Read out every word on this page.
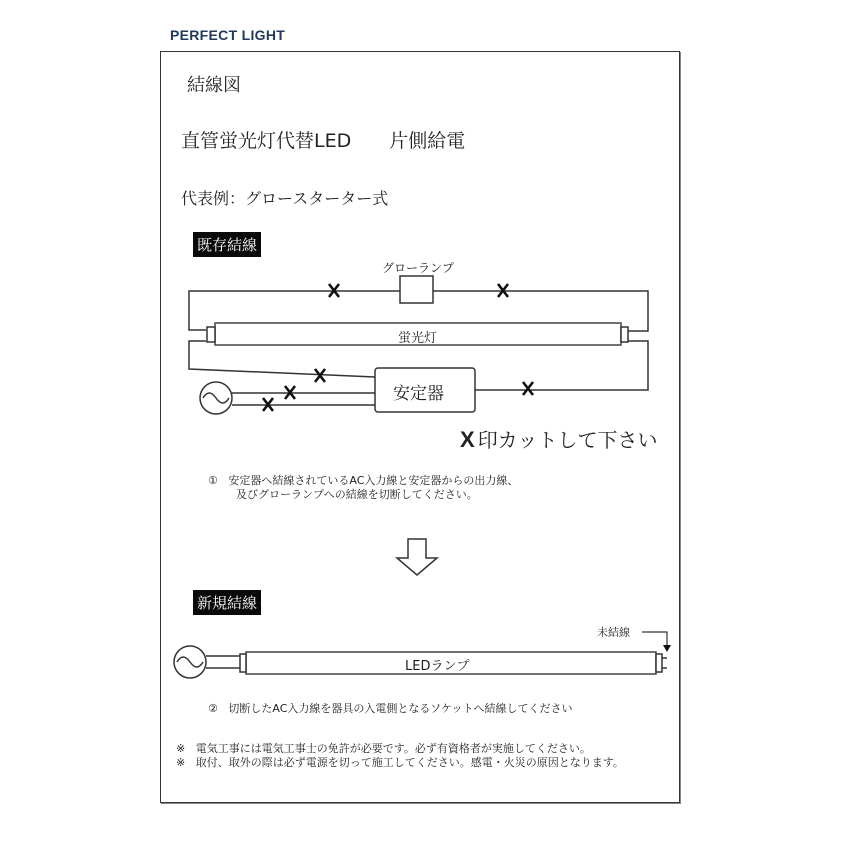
PERFECT LIGHT
結線図
直管蛍光灯代替LED 片側給電
代表例：グロースターター式
既存結線
グローランプ
蛍光灯
安定器
X 印カットして下さい
① 安定器へ結線されているAC入力線と安定器からの出力線、
及びグローランプへの結線を切断してください。
新規結線
未結線
LEDランプ
② 切断したAC入力線を器具の入電側となるソケットへ結線してください
※ 電気工事には電気工事士の免許が必要です。必ず有資格者が実施してください。
※ 取付、取外の際は必ず電源を切って施工してください。感電・火災の原因となります。
